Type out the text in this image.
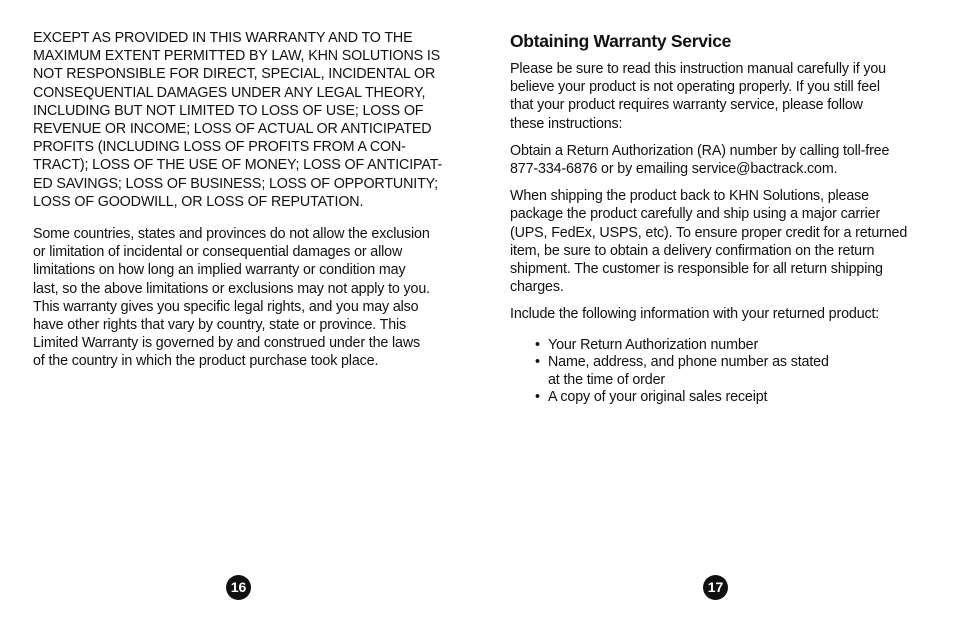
EXCEPT AS PROVIDED IN THIS WARRANTY AND TO THE
MAXIMUM EXTENT PERMITTED BY LAW, KHN SOLUTIONS IS
NOT RESPONSIBLE FOR DIRECT, SPECIAL, INCIDENTAL OR
CONSEQUENTIAL DAMAGES UNDER ANY LEGAL THEORY,
INCLUDING BUT NOT LIMITED TO LOSS OF USE; LOSS OF
REVENUE OR INCOME; LOSS OF ACTUAL OR ANTICIPATED
PROFITS (INCLUDING LOSS OF PROFITS FROM A CON-
TRACT); LOSS OF THE USE OF MONEY; LOSS OF ANTICIPAT-
ED SAVINGS; LOSS OF BUSINESS; LOSS OF OPPORTUNITY;
LOSS OF GOODWILL, OR LOSS OF REPUTATION.

Some countries, states and provinces do not allow the exclusion
or limitation of incidental or consequential damages or allow
limitations on how long an implied warranty or condition may
last, so the above limitations or exclusions may not apply to you.
This warranty gives you specific legal rights, and you may also
have other rights that vary by country, state or province. This
Limited Warranty is governed by and construed under the laws
of the country in which the product purchase took place.

16
Obtaining Warranty Service

Please be sure to read this instruction manual carefully if you
believe your product is not operating properly. If you still feel
that your product requires warranty service, please follow
these instructions:

Obtain a Return Authorization (RA) number by calling toll-free
877-334-6876 or by emailing service@bactrack.com.

When shipping the product back to KHN Solutions, please
package the product carefully and ship using a major carrier
(UPS, FedEx, USPS, etc). To ensure proper credit for a returned
item, be sure to obtain a delivery confirmation on the return
shipment. The customer is responsible for all return shipping
charges.

Include the following information with your returned product:

• Your Return Authorization number
• Name, address, and phone number as stated
at the time of order
• A copy of your original sales receipt
17
